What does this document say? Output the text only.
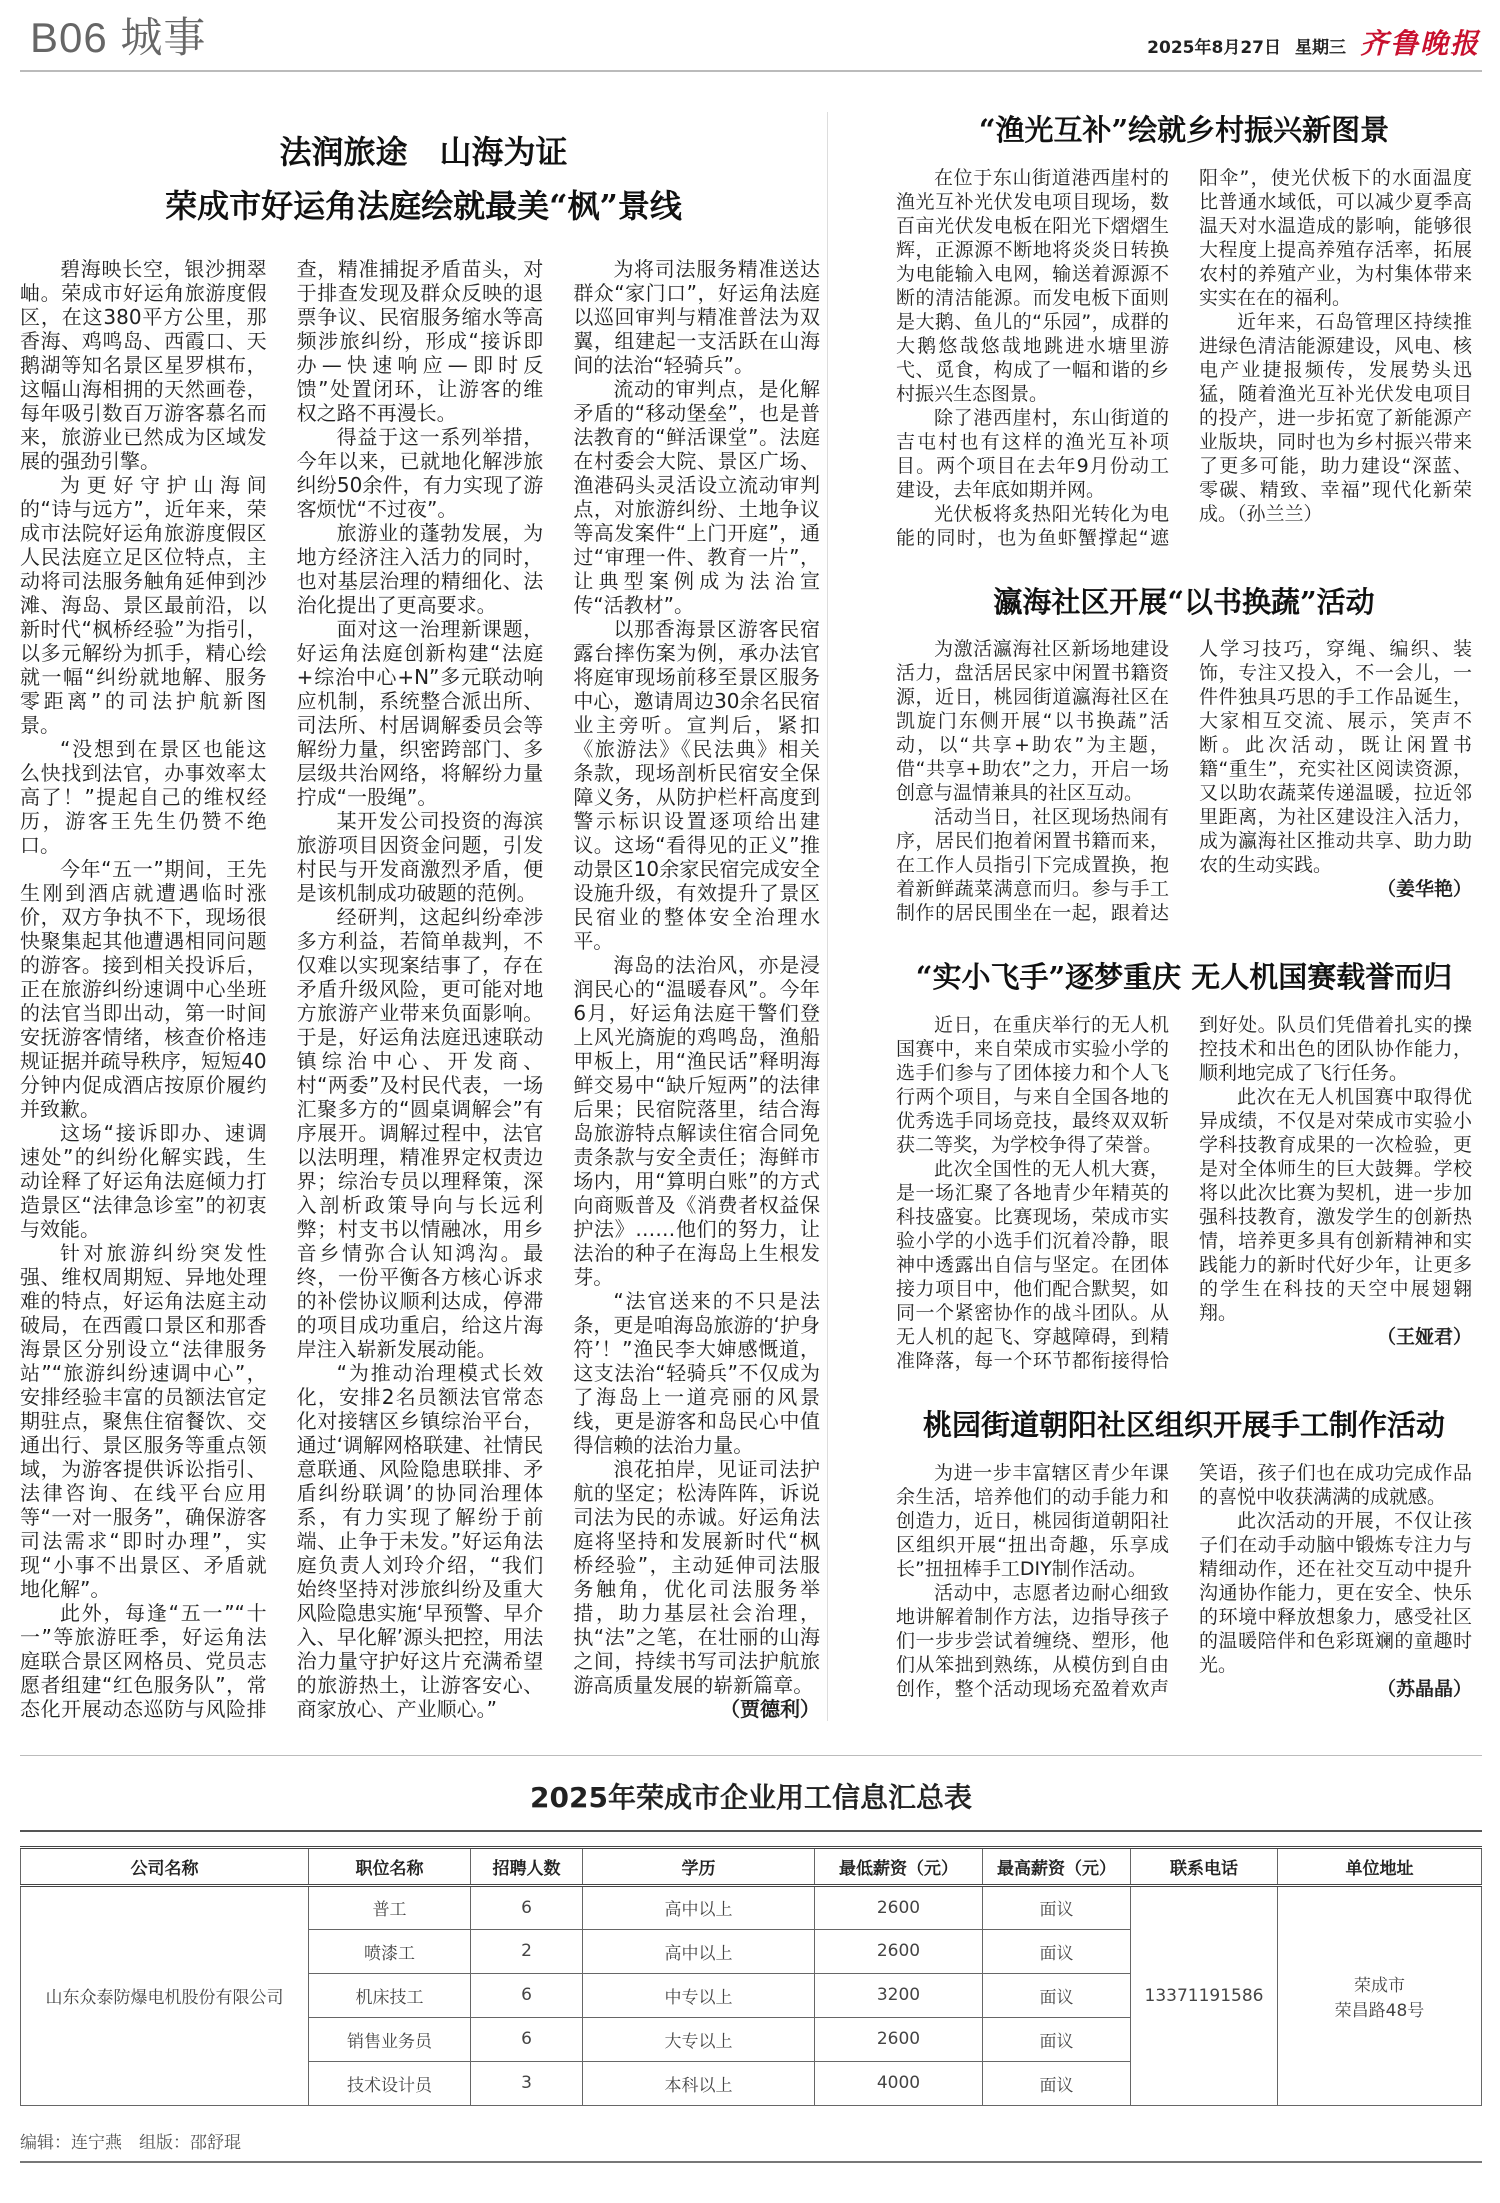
B06 城事	2025年8月27日 星期三 齐鲁晚报
法润旅途　山海为证
荣成市好运角法庭绘就最美“枫”景线

碧海映长空，银沙拥翠岫。荣成市好运角旅游度假区，在这380平方公里，那香海、鸡鸣岛、西霞口、天鹅湖等知名景区星罗棋布，这幅山海相拥的天然画卷，每年吸引数百万游客慕名而来，旅游业已然成为区域发展的强劲引擎。

为更好守护山海间的“诗与远方”，近年来，荣成市法院好运角旅游度假区人民法庭立足区位特点，主动将司法服务触角延伸到沙滩、海岛、景区最前沿，以新时代“枫桥经验”为指引，以多元解纷为抓手，精心绘就一幅“纠纷就地解、服务零距离”的司法护航新图景。

“没想到在景区也能这么快找到法官，办事效率太高了！”提起自己的维权经历，游客王先生仍赞不绝口。

今年“五一”期间，王先生刚到酒店就遭遇临时涨价，双方争执不下，现场很快聚集起其他遭遇相同问题的游客。接到相关投诉后，正在旅游纠纷速调中心坐班的法官当即出动，第一时间安抚游客情绪，核查价格违规证据并疏导秩序，短短40分钟内促成酒店按原价履约并致歉。

这场“接诉即办、速调速处”的纠纷化解实践，生动诠释了好运角法庭倾力打造景区“法律急诊室”的初衷与效能。

针对旅游纠纷突发性强、维权周期短、异地处理难的特点，好运角法庭主动破局，在西霞口景区和那香海景区分别设立“法律服务站”“旅游纠纷速调中心”，安排经验丰富的员额法官定期驻点，聚焦住宿餐饮、交通出行、景区服务等重点领域，为游客提供诉讼指引、法律咨询、在线平台应用等“一对一服务”，确保游客司法需求“即时办理”，实现“小事不出景区、矛盾就地化解”。

此外，每逢“五一”“十一”等旅游旺季，好运角法庭联合景区网格员、党员志愿者组建“红色服务队”，常态化开展动态巡防与风险排查，精准捕捉矛盾苗头，对于排查发现及群众反映的退票争议、民宿服务缩水等高频涉旅纠纷，形成“接诉即办—快速响应—即时反馈”处置闭环，让游客的维权之路不再漫长。

得益于这一系列举措，今年以来，已就地化解涉旅纠纷50余件，有力实现了游客烦忧“不过夜”。

旅游业的蓬勃发展，为地方经济注入活力的同时，也对基层治理的精细化、法治化提出了更高要求。

面对这一治理新课题，好运角法庭创新构建“法庭+综治中心+N”多元联动响应机制，系统整合派出所、司法所、村居调解委员会等解纷力量，织密跨部门、多层级共治网络，将解纷力量拧成“一股绳”。

某开发公司投资的海滨旅游项目因资金问题，引发村民与开发商激烈矛盾，便是该机制成功破题的范例。

经研判，这起纠纷牵涉多方利益，若简单裁判，不仅难以实现案结事了，存在矛盾升级风险，更可能对地方旅游产业带来负面影响。于是，好运角法庭迅速联动镇综治中心、开发商、村“两委”及村民代表，一场汇聚多方的“圆桌调解会”有序展开。调解过程中，法官以法明理，精准界定权责边界；综治专员以理释策，深入剖析政策导向与长远利弊；村支书以情融冰，用乡音乡情弥合认知鸿沟。最终，一份平衡各方核心诉求的补偿协议顺利达成，停滞的项目成功重启，给这片海岸注入崭新发展动能。

“为推动治理模式长效化，安排2名员额法官常态化对接辖区乡镇综治平台，通过‘调解网格联建、社情民意联通、风险隐患联排、矛盾纠纷联调’的协同治理体系，有力实现了解纷于前端、止争于未发。”好运角法庭负责人刘玲介绍，“我们始终坚持对涉旅纠纷及重大风险隐患实施‘早预警、早介入、早化解’源头把控，用法治力量守护好这片充满希望的旅游热土，让游客安心、商家放心、产业顺心。”

为将司法服务精准送达群众“家门口”，好运角法庭以巡回审判与精准普法为双翼，组建起一支活跃在山海间的法治“轻骑兵”。

流动的审判点，是化解矛盾的“移动堡垒”，也是普法教育的“鲜活课堂”。法庭在村委会大院、景区广场、渔港码头灵活设立流动审判点，对旅游纠纷、土地争议等高发案件“上门开庭”，通过“审理一件、教育一片”，让典型案例成为法治宣传“活教材”。

以那香海景区游客民宿露台摔伤案为例，承办法官将庭审现场前移至景区服务中心，邀请周边30余名民宿业主旁听。宣判后，紧扣《旅游法》《民法典》相关条款，现场剖析民宿安全保障义务，从防护栏杆高度到警示标识设置逐项给出建议。这场“看得见的正义”推动景区10余家民宿完成安全设施升级，有效提升了景区民宿业的整体安全治理水平。

海岛的法治风，亦是浸润民心的“温暖春风”。今年6月，好运角法庭干警们登上风光旖旎的鸡鸣岛，渔船甲板上，用“渔民话”释明海鲜交易中“缺斤短两”的法律后果；民宿院落里，结合海岛旅游特点解读住宿合同免责条款与安全责任；海鲜市场内，用“算明白账”的方式向商贩普及《消费者权益保护法》……他们的努力，让法治的种子在海岛上生根发芽。

“法官送来的不只是法条，更是咱海岛旅游的‘护身符’！”渔民李大婶感慨道，这支法治“轻骑兵”不仅成为了海岛上一道亮丽的风景线，更是游客和岛民心中值得信赖的法治力量。

浪花拍岸，见证司法护航的坚定；松涛阵阵，诉说司法为民的赤诚。好运角法庭将坚持和发展新时代“枫桥经验”，主动延伸司法服务触角，优化司法服务举措，助力基层社会治理，执“法”之笔，在壮丽的山海之间，持续书写司法护航旅游高质量发展的崭新篇章。

（贾德利）

“渔光互补”绘就乡村振兴新图景

在位于东山街道港西崖村的渔光互补光伏发电项目现场，数百亩光伏发电板在阳光下熠熠生辉，正源源不断地将炎炎日转换为电能输入电网，输送着源源不断的清洁能源。而发电板下面则是大鹅、鱼儿的“乐园”，成群的大鹅悠哉悠哉地跳进水塘里游弋、觅食，构成了一幅和谐的乡村振兴生态图景。

除了港西崖村，东山街道的吉屯村也有这样的渔光互补项目。两个项目在去年9月份动工建设，去年底如期并网。

光伏板将炙热阳光转化为电能的同时，也为鱼虾蟹撑起“遮阳伞”，使光伏板下的水面温度比普通水域低，可以减少夏季高温天对水温造成的影响，能够很大程度上提高养殖存活率，拓展农村的养殖产业，为村集体带来实实在在的福利。

近年来，石岛管理区持续推进绿色清洁能源建设，风电、核电产业捷报频传，发展势头迅猛，随着渔光互补光伏发电项目的投产，进一步拓宽了新能源产业版块，同时也为乡村振兴带来了更多可能，助力建设“深蓝、零碳、精致、幸福”现代化新荣成。（孙兰兰）

瀛海社区开展“以书换蔬”活动

为激活瀛海社区新场地建设活力，盘活居民家中闲置书籍资源，近日，桃园街道瀛海社区在凯旋门东侧开展“以书换蔬”活动，以“共享+助农”为主题，借“共享+助农”之力，开启一场创意与温情兼具的社区互动。

活动当日，社区现场热闹有序，居民们抱着闲置书籍而来，在工作人员指引下完成置换，抱着新鲜蔬菜满意而归。参与手工制作的居民围坐在一起，跟着达人学习技巧，穿绳、编织、装饰，专注又投入，不一会儿，一件件独具巧思的手工作品诞生，大家相互交流、展示，笑声不断。此次活动，既让闲置书籍“重生”，充实社区阅读资源，又以助农蔬菜传递温暖，拉近邻里距离，为社区建设注入活力，成为瀛海社区推动共享、助力助农的生动实践。

（姜华艳）

“实小飞手”逐梦重庆 无人机国赛载誉而归

近日，在重庆举行的无人机国赛中，来自荣成市实验小学的选手们参与了团体接力和个人飞行两个项目，与来自全国各地的优秀选手同场竞技，最终双双斩获二等奖，为学校争得了荣誉。

此次全国性的无人机大赛，是一场汇聚了各地青少年精英的科技盛宴。比赛现场，荣成市实验小学的小选手们沉着冷静，眼神中透露出自信与坚定。在团体接力项目中，他们配合默契，如同一个紧密协作的战斗团队。从无人机的起飞、穿越障碍，到精准降落，每一个环节都衔接得恰到好处。队员们凭借着扎实的操控技术和出色的团队协作能力，顺利地完成了飞行任务。

此次在无人机国赛中取得优异成绩，不仅是对荣成市实验小学科技教育成果的一次检验，更是对全体师生的巨大鼓舞。学校将以此次比赛为契机，进一步加强科技教育，激发学生的创新热情，培养更多具有创新精神和实践能力的新时代好少年，让更多的学生在科技的天空中展翅翱翔。

（王娅君）

桃园街道朝阳社区组织开展手工制作活动

为进一步丰富辖区青少年课余生活，培养他们的动手能力和创造力，近日，桃园街道朝阳社区组织开展“扭出奇趣，乐享成长”扭扭棒手工DIY制作活动。

活动中，志愿者边耐心细致地讲解着制作方法，边指导孩子们一步步尝试着缠绕、塑形，他们从笨拙到熟练，从模仿到自由创作，整个活动现场充盈着欢声笑语，孩子们也在成功完成作品的喜悦中收获满满的成就感。

此次活动的开展，不仅让孩子们在动手动脑中锻炼专注力与精细动作，还在社交互动中提升沟通协作能力，更在安全、快乐的环境中释放想象力，感受社区的温暖陪伴和色彩斑斓的童趣时光。

（苏晶晶）

2025年荣成市企业用工信息汇总表
公司名称	职位名称	招聘人数	学历	最低薪资（元）	最高薪资（元）	联系电话	单位地址
山东众泰防爆电机股份有限公司	普工	6	高中以上	2600	面议	13371191586	荣成市
荣昌路48号

	喷漆工	2	高中以上	2600	面议		
	机床技工	6	中专以上	3200	面议		
	销售业务员	6	大专以上	2600	面议		
	技术设计员	3	本科以上	4000	面议		
编辑：连宁燕　组版：邵舒琨
